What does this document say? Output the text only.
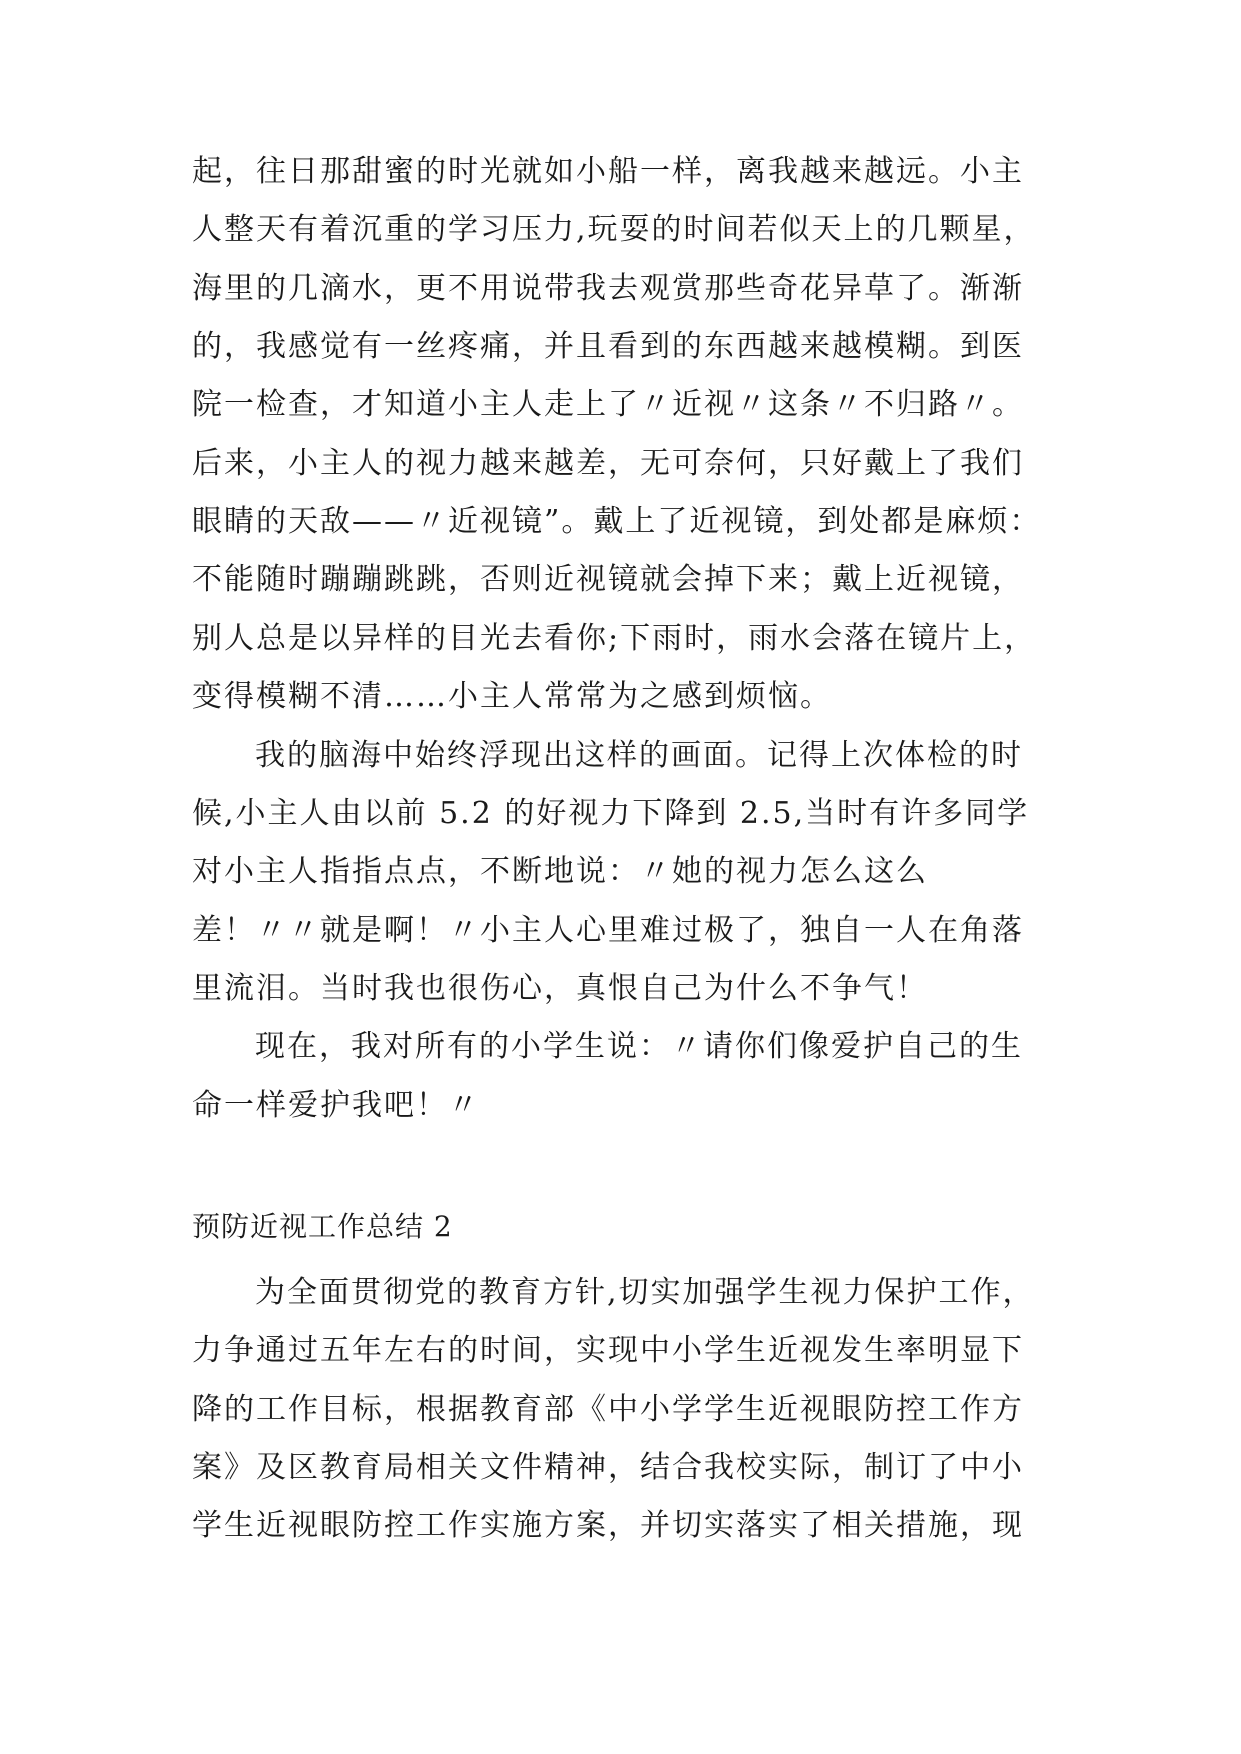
起，往日那甜蜜的时光就如小船一样，离我越来越远。小主
人整天有着沉重的学习压力,玩耍的时间若似天上的几颗星，
海里的几滴水，更不用说带我去观赏那些奇花异草了。渐渐
的，我感觉有一丝疼痛，并且看到的东西越来越模糊。到医
院一检查，才知道小主人走上了〃近视〃这条〃不归路〃。
后来，小主人的视力越来越差，无可奈何，只好戴上了我们
眼睛的天敌——〃近视镜”。戴上了近视镜，到处都是麻烦：
不能随时蹦蹦跳跳，否则近视镜就会掉下来；戴上近视镜，
别人总是以异样的目光去看你;下雨时，雨水会落在镜片上，
变得模糊不清……小主人常常为之感到烦恼。
我的脑海中始终浮现出这样的画面。记得上次体检的时
候,小主人由以前 5.2 的好视力下降到 2.5,当时有许多同学
对小主人指指点点，不断地说：〃她的视力怎么这么
差！〃〃就是啊！〃小主人心里难过极了，独自一人在角落
里流泪。当时我也很伤心，真恨自己为什么不争气！
现在，我对所有的小学生说：〃请你们像爱护自己的生
命一样爱护我吧！〃
预防近视工作总结 2
为全面贯彻党的教育方针,切实加强学生视力保护工作，
力争通过五年左右的时间，实现中小学生近视发生率明显下
降的工作目标，根据教育部《中小学学生近视眼防控工作方
案》及区教育局相关文件精神，结合我校实际，制订了中小
学生近视眼防控工作实施方案，并切实落实了相关措施，现
